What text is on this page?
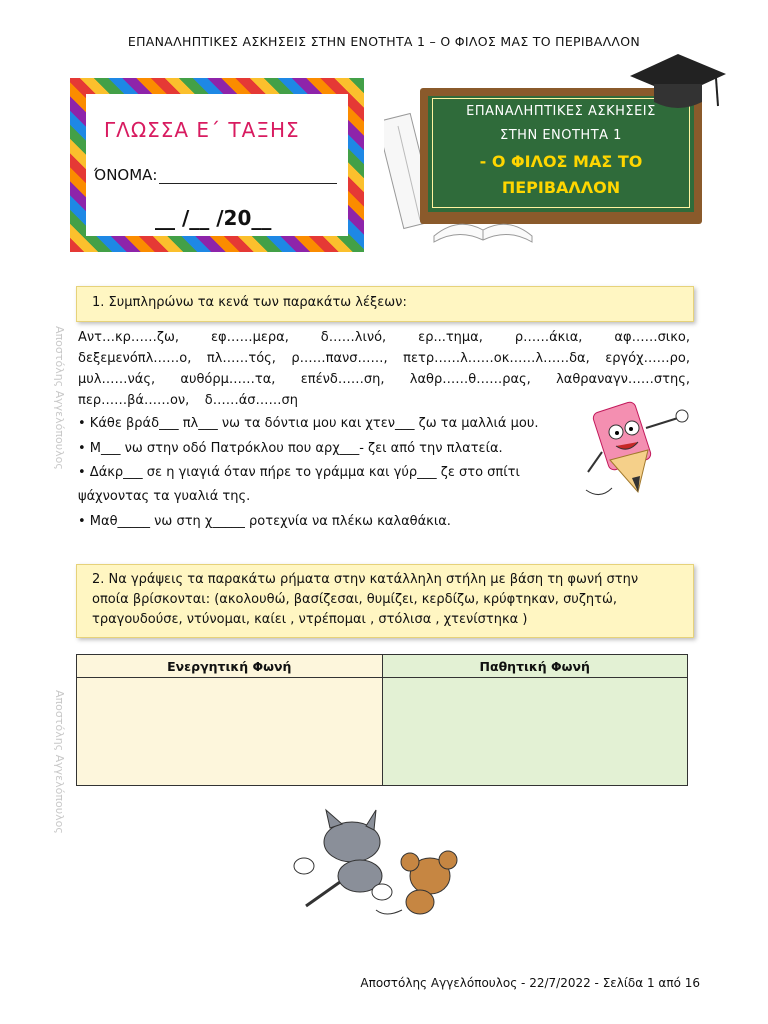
ΕΠΑΝΑΛΗΠΤΙΚΕΣ ΑΣΚΗΣΕΙΣ ΣΤΗΝ ΕΝΟΤΗΤΑ 1 – Ο ΦΙΛΟΣ ΜΑΣ ΤΟ ΠΕΡΙΒΑΛΛΟΝ
ΓΛΩΣΣΑ Ε΄ ΤΑΞΗΣ
ΌΝΟΜΑ:
__ /__ /20__
ΕΠΑΝΑΛΗΠΤΙΚΕΣ ΑΣΚΗΣΕΙΣ
ΣΤΗΝ ΕΝΟΤΗΤΑ 1
- Ο ΦΙΛΟΣ ΜΑΣ ΤΟ
ΠΕΡΙΒΑΛΛΟΝ
1. Συμπληρώνω τα κενά των παρακάτω λέξεων:
Αποστόλης Αγγελόπουλος Αντ…κρ……ζω, εφ……μερα, δ……λινό, ερ...τημα, ρ……άκια, αφ……σικο,
δεξεμενόπλ……ο, πλ……τός, ρ……πανσ……, πετρ……λ……οκ……λ……δα, εργόχ……ρο,
μυλ……νάς, αυθόρμ……τα, επένδ……ση, λαθρ……θ……ρας, λαθραναγν……στης,
περ……βά……ον, δ……άσ……ση
• Κάθε βράδ___ πλ___ νω τα δόντια μου και χτεν___ ζω τα μαλλιά μου.
• Μ___ νω στην οδό Πατρόκλου που αρχ___- ζει από την πλατεία.
• Δάκρ___ σε η γιαγιά όταν πήρε το γράμμα και γύρ___ ζε στο σπίτι
ψάχνοντας τα γυαλιά της.
• Μαθ_____ νω στη χ_____ ροτεχνία να πλέκω καλαθάκια.
2. Να γράψεις τα παρακάτω ρήματα στην κατάλληλη στήλη με βάση τη φωνή στην
οποία βρίσκονται: (ακολουθώ, βασίζεσαι, θυμίζει, κερδίζω, κρύφτηκαν, συζητώ,
τραγουδούσε, ντύνομαι, καίει , ντρέπομαι , στόλισα , χτενίστηκα )
Ενεργητική Φωνή	Παθητική Φωνή

Αποστόλης Αγγελόπουλος
Αποστόλης Αγγελόπουλος - 22/7/2022 - Σελίδα 1 από 16
